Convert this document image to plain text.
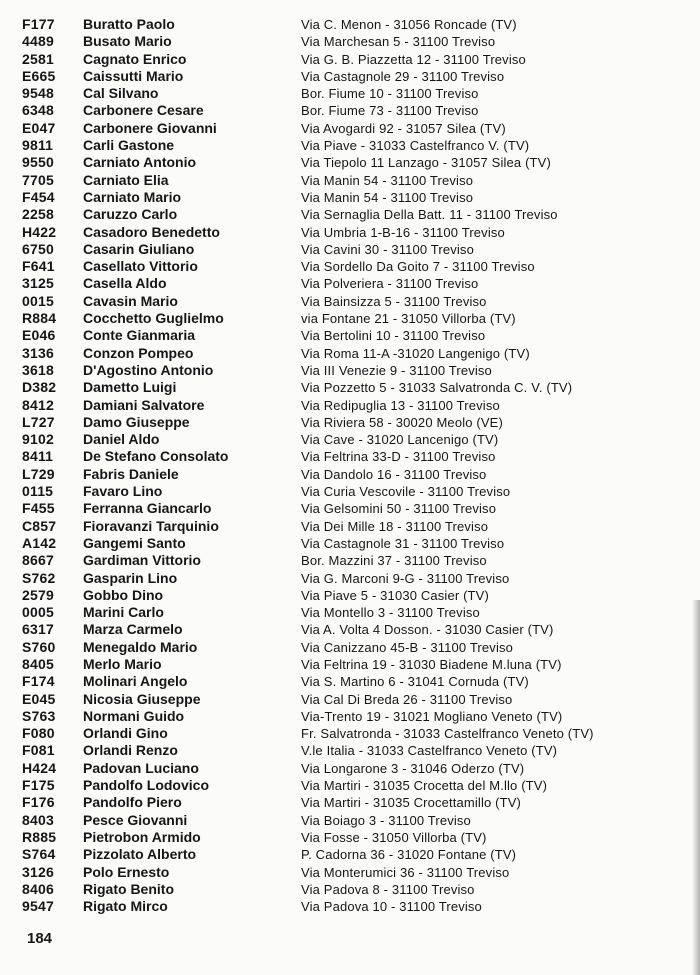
F177	Buratto Paolo	Via C. Menon - 31056 Roncade (TV)
4489	Busato Mario	Via Marchesan 5 - 31100 Treviso
2581	Cagnato Enrico	Via G. B. Piazzetta 12 - 31100 Treviso
E665	Caissutti Mario	Via Castagnole 29 - 31100 Treviso
9548	Cal Silvano	Bor. Fiume 10 - 31100 Treviso
6348	Carbonere Cesare	Bor. Fiume 73 - 31100 Treviso
E047	Carbonere Giovanni	Via Avogardi 92 - 31057 Silea (TV)
9811	Carli Gastone	Via Piave - 31033 Castelfranco V. (TV)
9550	Carniato Antonio	Via Tiepolo 11 Lanzago - 31057 Silea (TV)
7705	Carniato Elia	Via Manin 54 - 31100 Treviso
F454	Carniato Mario	Via Manin 54 - 31100 Treviso
2258	Caruzzo Carlo	Via Sernaglia Della Batt. 11 - 31100 Treviso
H422	Casadoro Benedetto	Via Umbria 1-B-16 - 31100 Treviso
6750	Casarin Giuliano	Via Cavini 30 - 31100 Treviso
F641	Casellato Vittorio	Via Sordello Da Goito 7 - 31100 Treviso
3125	Casella Aldo	Via Polveriera - 31100 Treviso
0015	Cavasin Mario	Via Bainsizza 5 - 31100 Treviso
R884	Cocchetto Guglielmo	via Fontane 21 - 31050 Villorba (TV)
E046	Conte Gianmaria	Via Bertolini 10 - 31100 Treviso
3136	Conzon Pompeo	Via Roma 11-A -31020 Langenigo (TV)
3618	D'Agostino Antonio	Via III Venezie 9 - 31100 Treviso
D382	Dametto Luigi	Via Pozzetto 5 - 31033 Salvatronda C. V. (TV)
8412	Damiani Salvatore	Via Redipuglia 13 - 31100 Treviso
L727	Damo Giuseppe	Via Riviera 58 - 30020 Meolo (VE)
9102	Daniel Aldo	Via Cave - 31020 Lancenigo (TV)
8411	De Stefano Consolato	Via Feltrina 33-D - 31100 Treviso
L729	Fabris Daniele	Via Dandolo 16 - 31100 Treviso
0115	Favaro Lino	Via Curia Vescovile - 31100 Treviso
F455	Ferranna Giancarlo	Via Gelsomini 50 - 31100 Treviso
C857	Fioravanzi Tarquinio	Via Dei Mille 18 - 31100 Treviso
A142	Gangemi Santo	Via Castagnole 31 - 31100 Treviso
8667	Gardiman Vittorio	Bor. Mazzini 37 - 31100 Treviso
S762	Gasparin Lino	Via G. Marconi 9-G - 31100 Treviso
2579	Gobbo Dino	Via Piave 5 - 31030 Casier (TV)
0005	Marini Carlo	Via Montello 3 - 31100 Treviso
6317	Marza Carmelo	Via A. Volta 4 Dosson. - 31030 Casier (TV)
S760	Menegaldo Mario	Via Canizzano 45-B - 31100 Treviso
8405	Merlo Mario	Via Feltrina 19 - 31030 Biadene M.luna (TV)
F174	Molinari Angelo	Via S. Martino 6 - 31041 Cornuda (TV)
E045	Nicosia Giuseppe	Via Cal Di Breda 26 - 31100 Treviso
S763	Normani Guido	Via-Trento 19 - 31021 Mogliano Veneto (TV)
F080	Orlandi Gino	Fr. Salvatronda - 31033 Castelfranco Veneto (TV)
F081	Orlandi Renzo	V.le Italia - 31033 Castelfranco Veneto (TV)
H424	Padovan Luciano	Via Longarone 3 - 31046 Oderzo (TV)
F175	Pandolfo Lodovico	Via Martiri - 31035 Crocetta del M.llo (TV)
F176	Pandolfo Piero	Via Martiri - 31035 Crocettamillo (TV)
8403	Pesce Giovanni	Via Boiago 3 - 31100 Treviso
R885	Pietrobon Armido	Via Fosse - 31050 Villorba (TV)
S764	Pizzolato Alberto	P. Cadorna 36 - 31020 Fontane (TV)
3126	Polo Ernesto	Via Monterumici 36 - 31100 Treviso
8406	Rigato Benito	Via Padova 8 - 31100 Treviso
9547	Rigato Mirco	Via Padova 10 - 31100 Treviso
184
